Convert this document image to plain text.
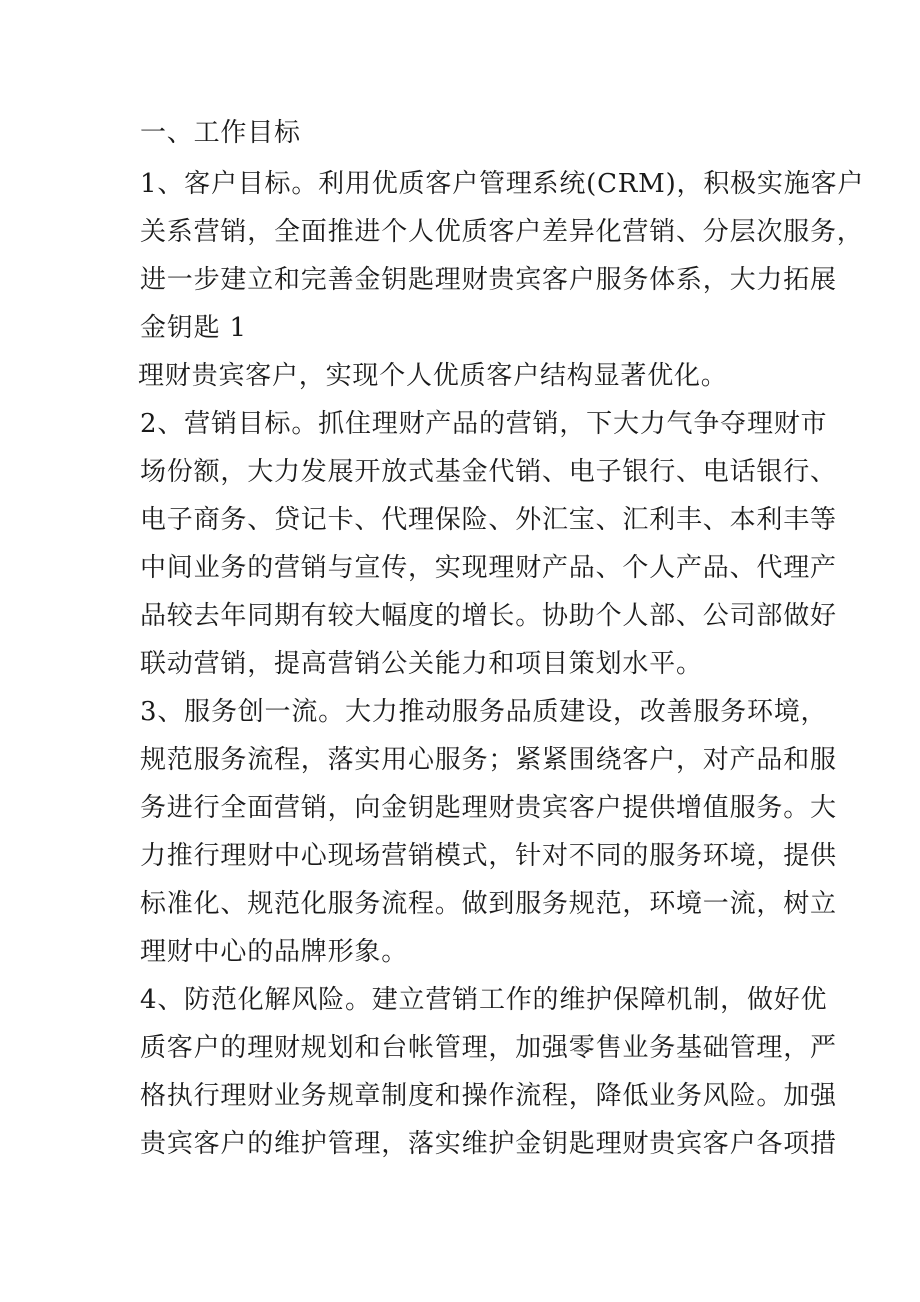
一、工作目标
1、客户目标。利用优质客户管理系统(CRM)，积极实施客户
关系营销，全面推进个人优质客户差异化营销、分层次服务，
进一步建立和完善金钥匙理财贵宾客户服务体系，大力拓展
金钥匙 1
理财贵宾客户，实现个人优质客户结构显著优化。
2、营销目标。抓住理财产品的营销，下大力气争夺理财市
场份额，大力发展开放式基金代销、电子银行、电话银行、
电子商务、贷记卡、代理保险、外汇宝、汇利丰、本利丰等
中间业务的营销与宣传，实现理财产品、个人产品、代理产
品较去年同期有较大幅度的增长。协助个人部、公司部做好
联动营销，提高营销公关能力和项目策划水平。
3、服务创一流。大力推动服务品质建设，改善服务环境，
规范服务流程，落实用心服务；紧紧围绕客户，对产品和服
务进行全面营销，向金钥匙理财贵宾客户提供增值服务。大
力推行理财中心现场营销模式，针对不同的服务环境，提供
标准化、规范化服务流程。做到服务规范，环境一流，树立
理财中心的品牌形象。
4、防范化解风险。建立营销工作的维护保障机制，做好优
质客户的理财规划和台帐管理，加强零售业务基础管理，严
格执行理财业务规章制度和操作流程，降低业务风险。加强
贵宾客户的维护管理，落实维护金钥匙理财贵宾客户各项措
